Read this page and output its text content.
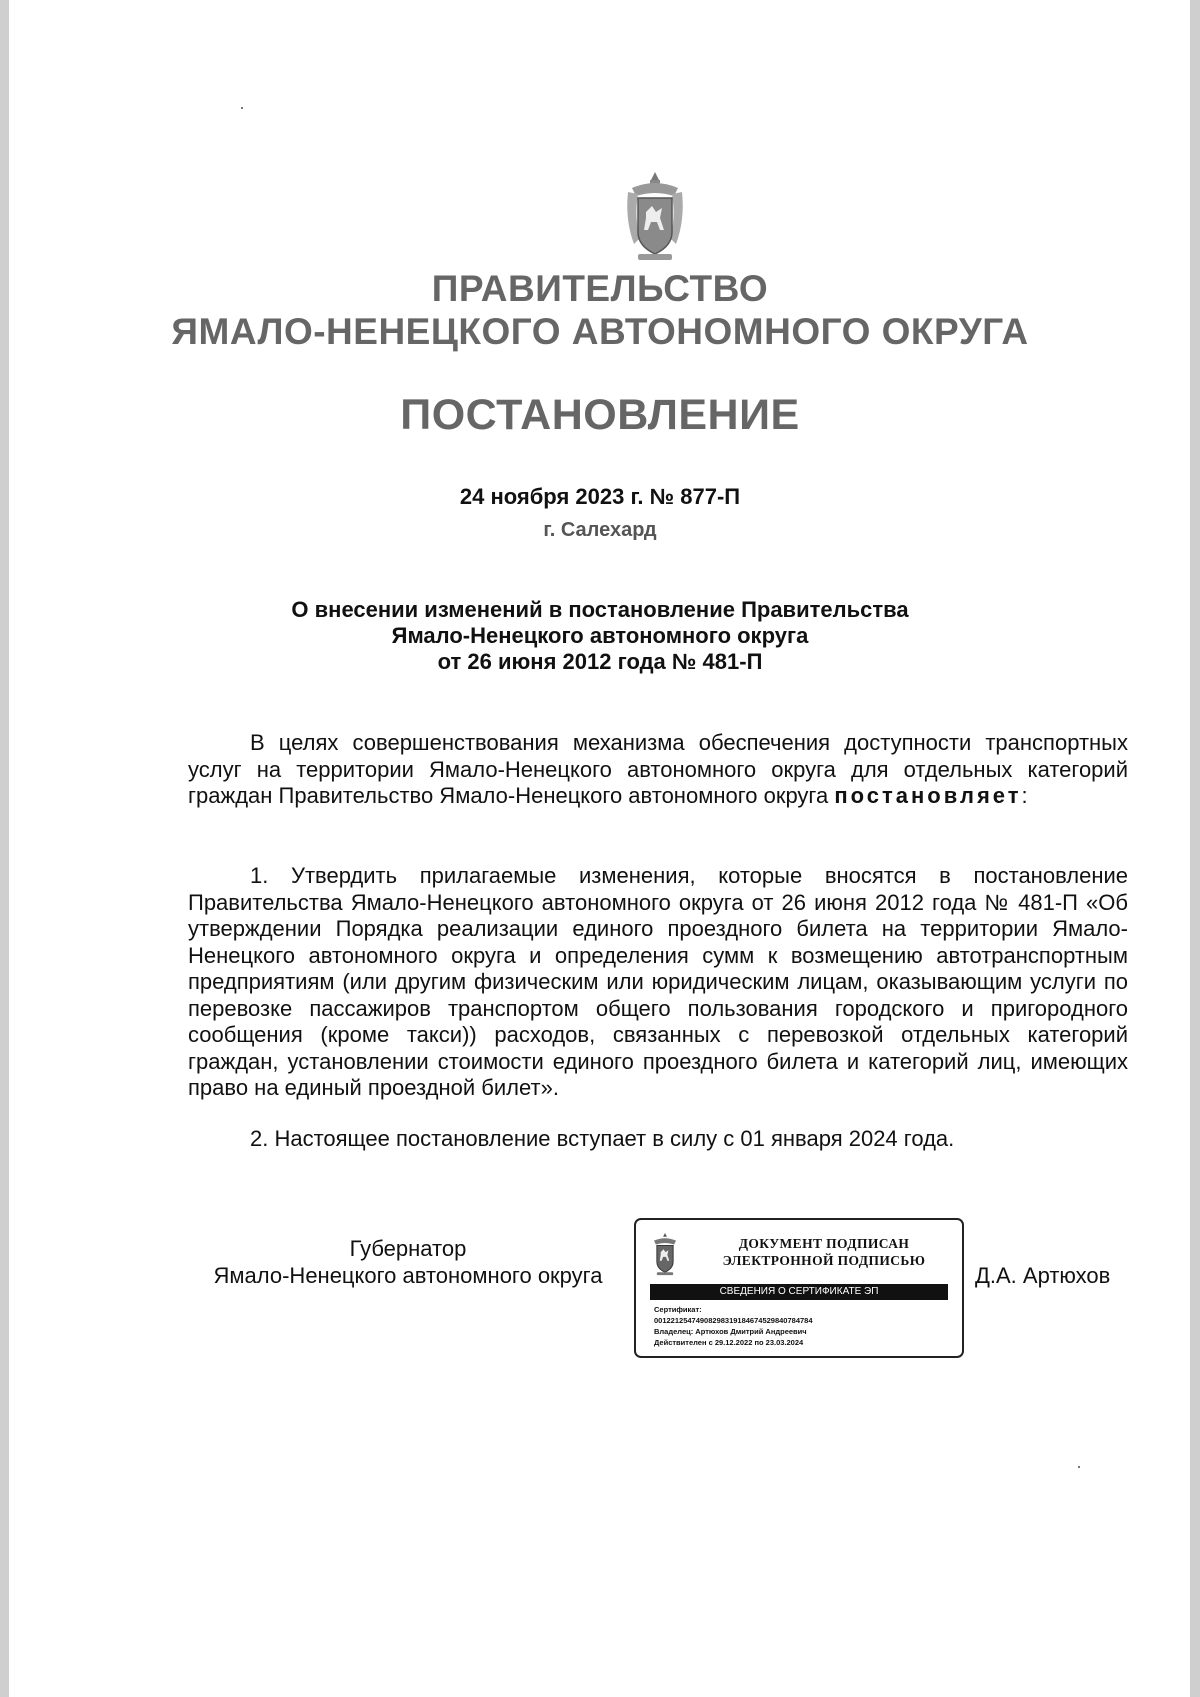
ПРАВИТЕЛЬСТВО
ЯМАЛО-НЕНЕЦКОГО АВТОНОМНОГО ОКРУГА
ПОСТАНОВЛЕНИЕ
24 ноября 2023 г. № 877-П
г. Салехард
О внесении изменений в постановление Правительства
Ямало-Ненецкого автономного округа
от 26 июня 2012 года № 481-П
В целях совершенствования механизма обеспечения доступности транспортных услуг на территории Ямало-Ненецкого автономного округа для отдельных категорий граждан Правительство Ямало-Ненецкого автономного округа постановляет:
1. Утвердить прилагаемые изменения, которые вносятся в постановление Правительства Ямало-Ненецкого автономного округа от 26 июня 2012 года № 481-П «Об утверждении Порядка реализации единого проездного билета на территории Ямало-Ненецкого автономного округа и определения сумм к возмещению автотранспортным предприятиям (или другим физическим или юридическим лицам, оказывающим услуги по перевозке пассажиров транспортом общего пользования городского и пригородного сообщения (кроме такси)) расходов, связанных с перевозкой отдельных категорий граждан, установлении стоимости единого проездного билета и категорий лиц, имеющих право на единый проездной билет».
2. Настоящее постановление вступает в силу с 01 января 2024 года.
Губернатор
Ямало-Ненецкого автономного округа
ДОКУМЕНТ ПОДПИСАН
ЭЛЕКТРОННОЙ ПОДПИСЬЮ
СВЕДЕНИЯ О СЕРТИФИКАТЕ ЭП
Сертификат:
00122125474908298319184674529840784784
Владелец: Артюхов Дмитрий Андреевич
Действителен с 29.12.2022 по 23.03.2024
Д.А. Артюхов
